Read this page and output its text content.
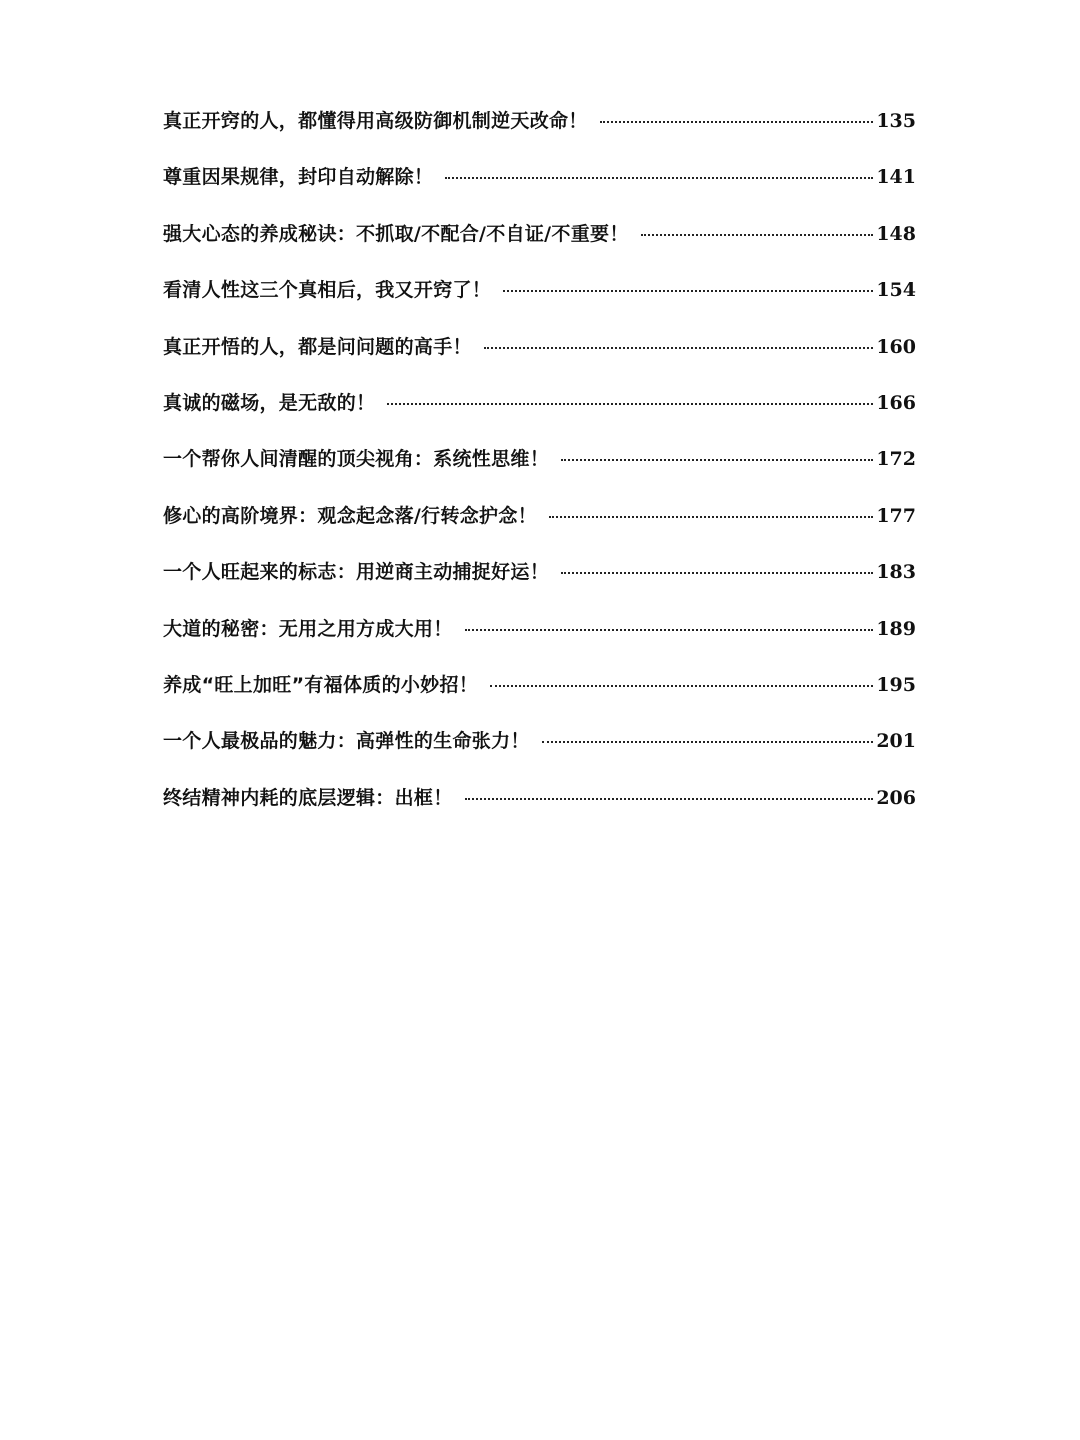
真正开窍的人，都懂得用高级防御机制逆天改命！	135
尊重因果规律，封印自动解除！	141
强大心态的养成秘诀：不抓取/不配合/不自证/不重要！	148
看清人性这三个真相后，我又开窍了！	154
真正开悟的人，都是问问题的高手！	160
真诚的磁场，是无敌的！	166
一个帮你人间清醒的顶尖视角：系统性思维！	172
修心的高阶境界：观念起念落/行转念护念！	177
一个人旺起来的标志：用逆商主动捕捉好运！	183
大道的秘密：无用之用方成大用！	189
养成“旺上加旺”有福体质的小妙招！	195
一个人最极品的魅力：高弹性的生命张力！	201
终结精神内耗的底层逻辑：出框！	206
